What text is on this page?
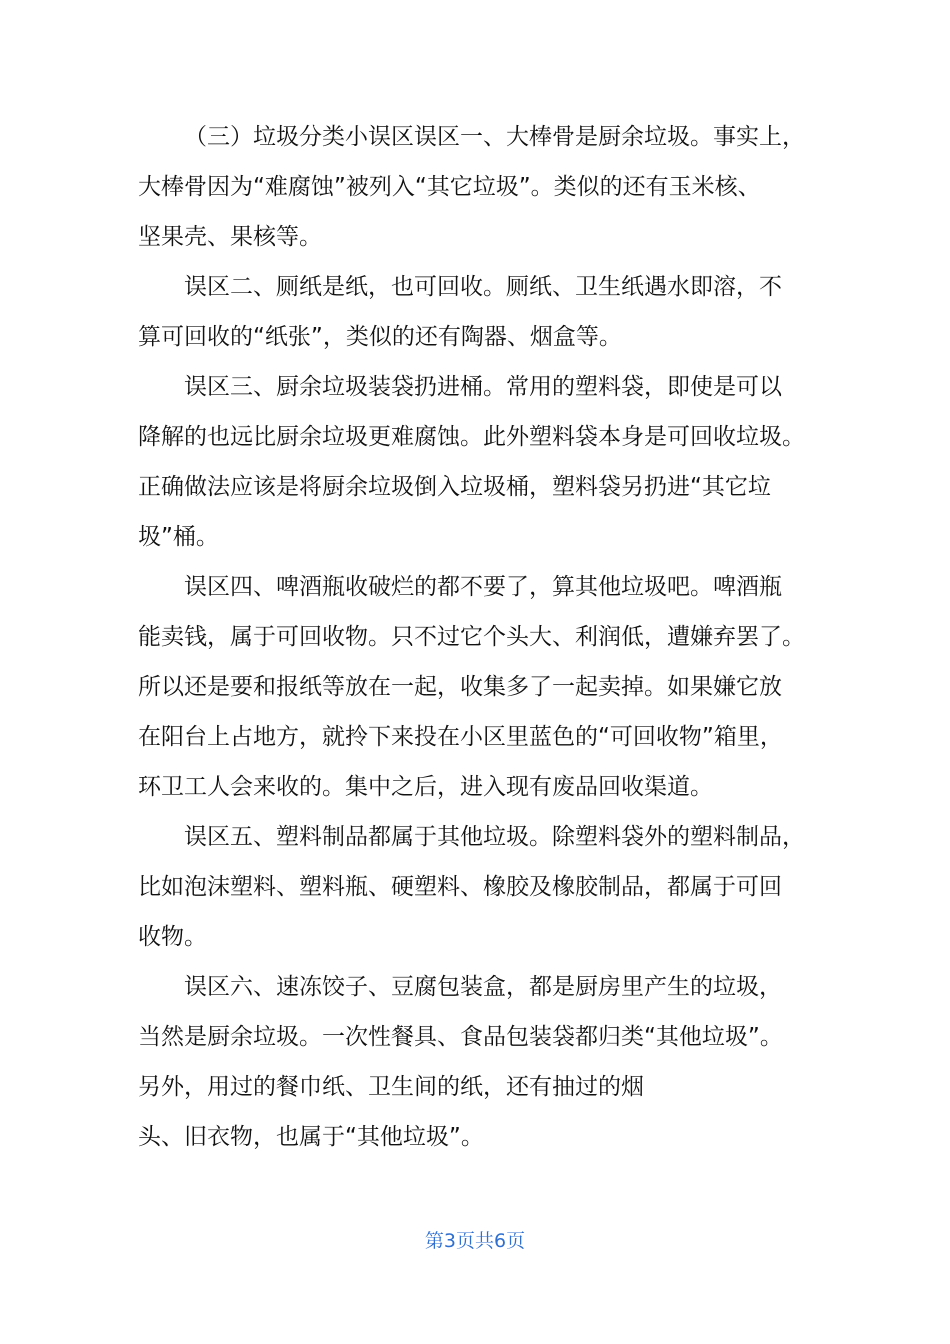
（三）垃圾分类小误区误区一、大棒骨是厨余垃圾。事实上，
大棒骨因为“难腐蚀”被列入“其它垃圾”。类似的还有玉米核、
坚果壳、果核等。
误区二、厕纸是纸，也可回收。厕纸、卫生纸遇水即溶，不
算可回收的“纸张”，类似的还有陶器、烟盒等。
误区三、厨余垃圾装袋扔进桶。常用的塑料袋，即使是可以
降解的也远比厨余垃圾更难腐蚀。此外塑料袋本身是可回收垃圾。
正确做法应该是将厨余垃圾倒入垃圾桶，塑料袋另扔进“其它垃
圾”桶。
误区四、啤酒瓶收破烂的都不要了，算其他垃圾吧。啤酒瓶
能卖钱，属于可回收物。只不过它个头大、利润低，遭嫌弃罢了。
所以还是要和报纸等放在一起，收集多了一起卖掉。如果嫌它放
在阳台上占地方，就拎下来投在小区里蓝色的“可回收物”箱里，
环卫工人会来收的。集中之后，进入现有废品回收渠道。
误区五、塑料制品都属于其他垃圾。除塑料袋外的塑料制品，
比如泡沫塑料、塑料瓶、硬塑料、橡胶及橡胶制品，都属于可回
收物。
误区六、速冻饺子、豆腐包装盒，都是厨房里产生的垃圾，
当然是厨余垃圾。一次性餐具、食品包装袋都归类“其他垃圾”。
另外，用过的餐巾纸、卫生间的纸，还有抽过的烟
头、旧衣物，也属于“其他垃圾”。
第3页共6页
